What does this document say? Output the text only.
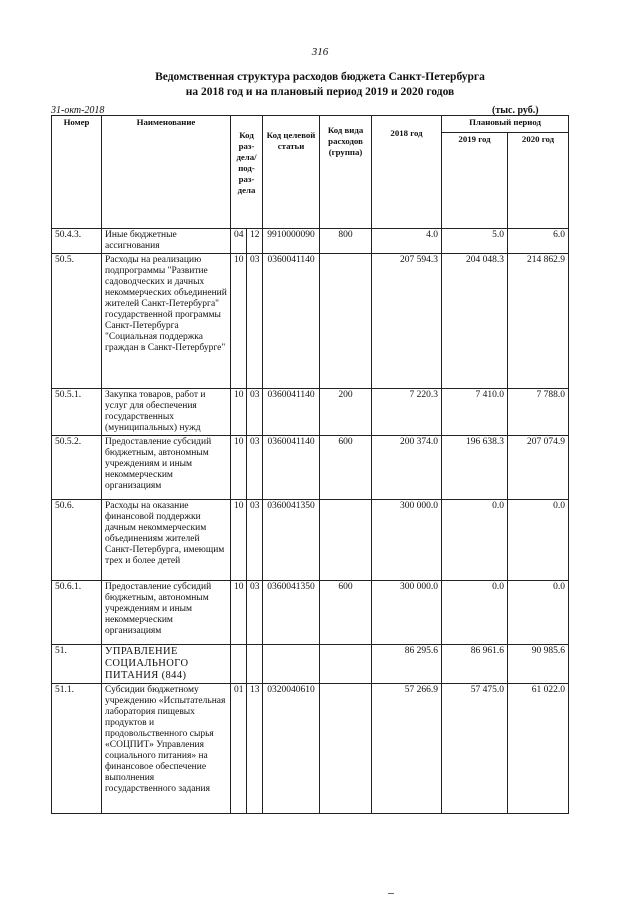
316
Ведомственная структура расходов бюджета Санкт-Петербурга
на 2018 год и на плановый период 2019 и 2020 годов
31-окт-2018	(тыс. руб.)
Номер	Наименование	Код раз-дела/ под-раз-дела		Код целевой статьи	Код вида расходов (группа)	2018 год	Плановый период	
							2019 год	2020 год
50.4.3.	Иные бюджетные ассигнования	04	12	9910000090	800	4.0	5.0	6.0
50.5.	Расходы на реализацию подпрограммы "Развитие садоводческих и дачных некоммерческих объединений жителей Санкт-Петербурга" государственной программы Санкт-Петербурга "Социальная поддержка граждан в Санкт-Петербурге"	10	03	0360041140		207 594.3	204 048.3	214 862.9
50.5.1.	Закупка товаров, работ и услуг для обеспечения государственных (муниципальных) нужд	10	03	0360041140	200	7 220.3	7 410.0	7 788.0
50.5.2.	Предоставление субсидий бюджетным, автономным учреждениям и иным некоммерческим организациям	10	03	0360041140	600	200 374.0	196 638.3	207 074.9
50.6.	Расходы на оказание финансовой поддержки дачным некоммерческим объединениям жителей Санкт-Петербурга, имеющим трех и более детей	10	03	0360041350		300 000.0	0.0	0.0
50.6.1.	Предоставление субсидий бюджетным, автономным учреждениям и иным некоммерческим организациям	10	03	0360041350	600	300 000.0	0.0	0.0
51.	УПРАВЛЕНИЕ СОЦИАЛЬНОГО ПИТАНИЯ (844)					86 295.6	86 961.6	90 985.6
51.1.	Субсидии бюджетному учреждению «Испытательная лаборатория пищевых продуктов и продовольственного сырья «СОЦПИТ» Управления социального питания» на финансовое обеспечение выполнения государственного задания	01	13	0320040610		57 266.9	57 475.0	61 022.0
